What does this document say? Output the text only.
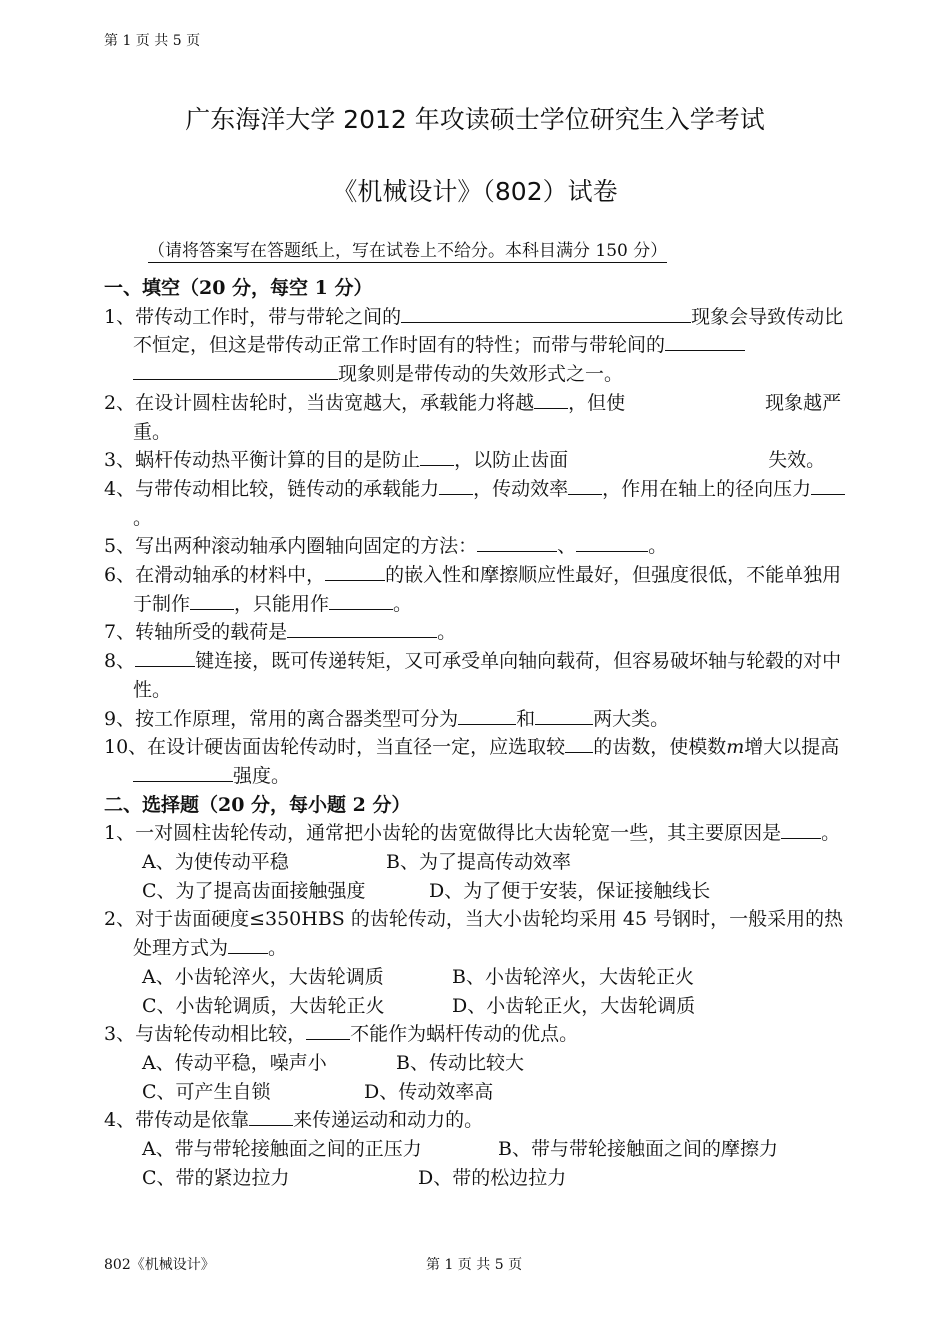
第 1 页 共 5 页
广东海洋大学 2012 年攻读硕士学位研究生入学考试
《机械设计》（802）试卷
（请将答案写在答题纸上，写在试卷上不给分。本科目满分 150 分）
一、填空（20 分，每空 1 分）
1、带传动工作时，带与带轮之间的	现象会导致传动比不恒定，但这是带传动正常工作时固有的特性；而带与带轮间的现象则是带传动的失效形式之一。
2、在设计圆柱齿轮时，当齿宽越大，承载能力将越 ，但使	现象越严重。
3、蜗杆传动热平衡计算的目的是防止 ，以防止齿面	失效。
4、与带传动相比较，链传动的承载能力 ，传动效率 ，作用在轴上的径向压力。
5、写出两种滚动轴承内圈轴向固定的方法：	、	。
6、在滑动轴承的材料中，	的嵌入性和摩擦顺应性最好，但强度很低，不能单独用于制作 ，只能用作	。
7、转轴所受的载荷是	。
8、	键连接，既可传递转矩，又可承受单向轴向载荷，但容易破坏轴与轮毂的对中性。
9、按工作原理，常用的离合器类型可分为	和	两大类。
10、在设计硬齿面齿轮传动时，当直径一定，应选取较 的齿数，使模数m增大以提高强度。
二、选择题（20 分，每小题 2 分）
1、一对圆柱齿轮传动，通常把小齿轮的齿宽做得比大齿轮宽一些，其主要原因是 。
A、为使传动平稳	B、为了提高传动效率
C、为了提高齿面接触强度	D、为了便于安装，保证接触线长
2、对于齿面硬度≤350HBS 的齿轮传动，当大小齿轮均采用 45 号钢时，一般采用的热处理方式为 。
A、小齿轮淬火，大齿轮调质	B、小齿轮淬火，大齿轮正火
C、小齿轮调质，大齿轮正火	D、小齿轮正火，大齿轮调质
3、与齿轮传动相比较， 不能作为蜗杆传动的优点。
A、传动平稳，噪声小	B、传动比较大
C、可产生自锁	D、传动效率高
4、带传动是依靠 来传递运动和动力的。
A、带与带轮接触面之间的正压力	B、带与带轮接触面之间的摩擦力
C、带的紧边拉力	D、带的松边拉力
802《机械设计》	第 1 页 共 5 页
